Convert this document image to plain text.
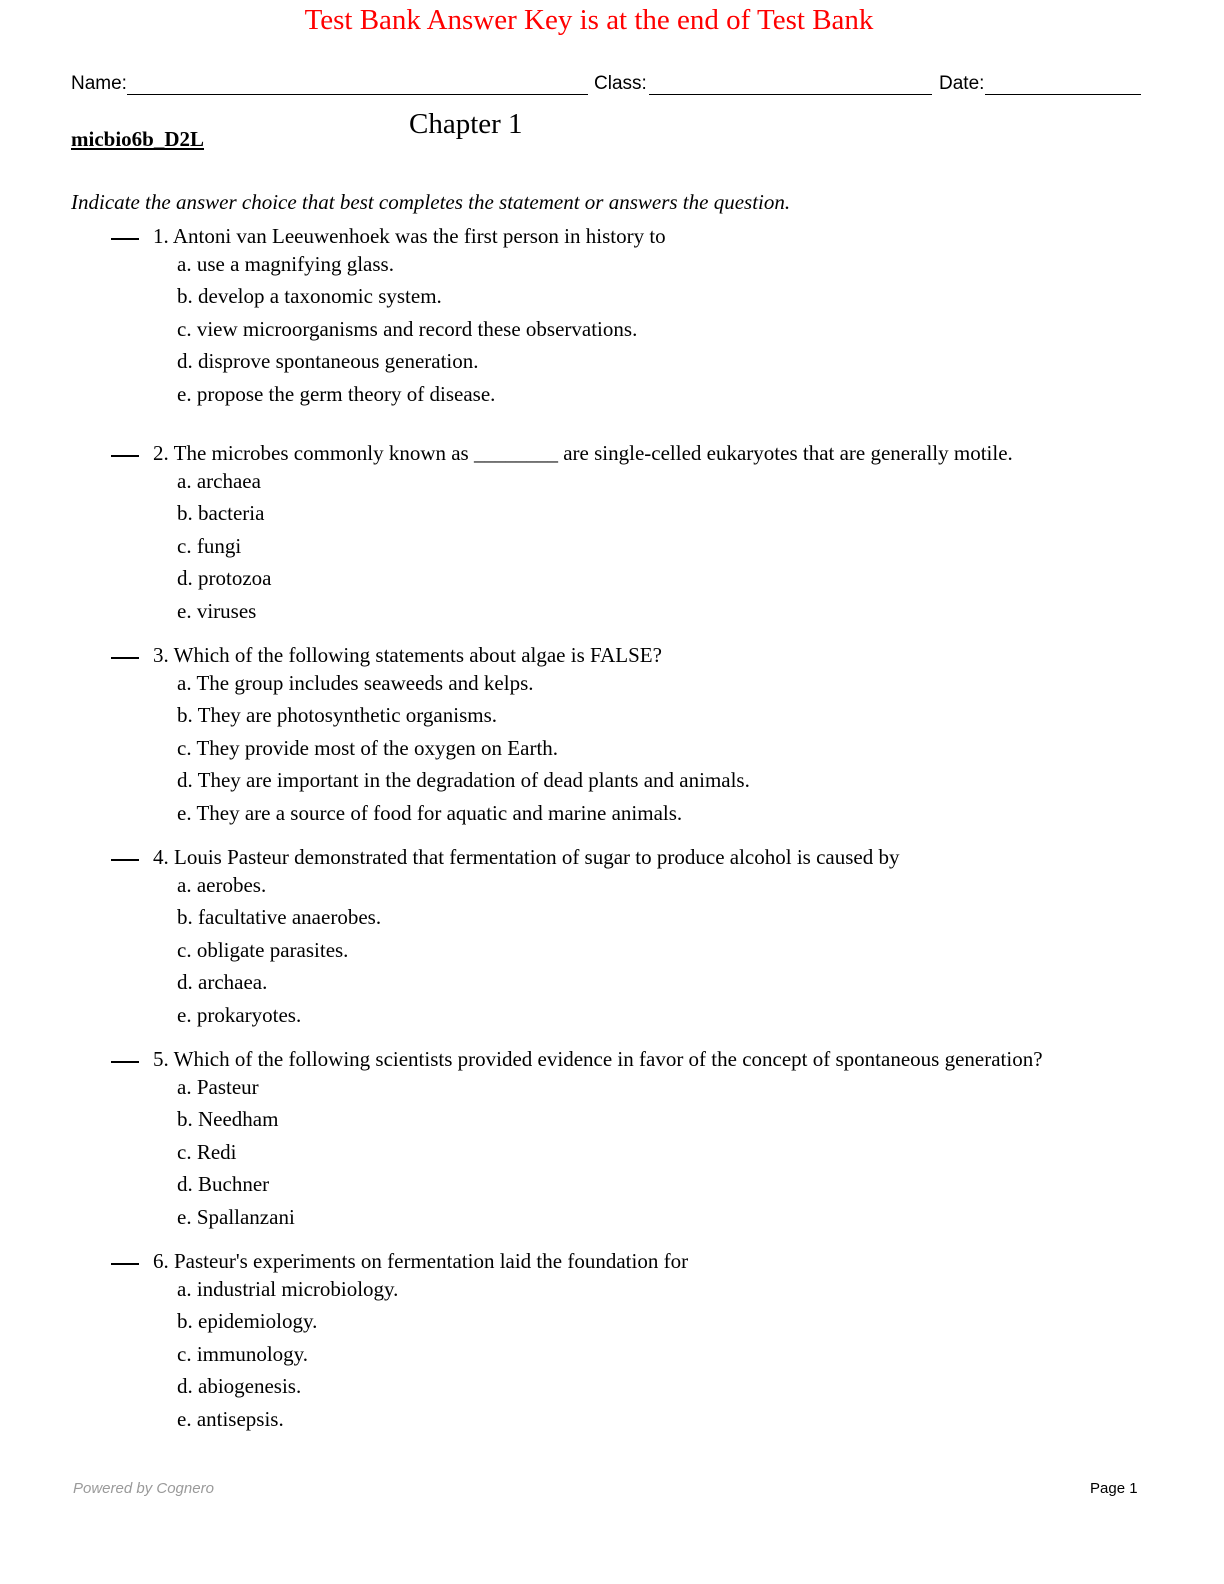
Test Bank Answer Key is at the end of Test Bank
Name:	Class:	Date:
Chapter 1
micbio6b_D2L
Indicate the answer choice that best completes the statement or answers the question.
1. Antoni van Leeuwenhoek was the first person in history to
a. use a magnifying glass.
b. develop a taxonomic system.
c. view microorganisms and record these observations.
d. disprove spontaneous generation.
e. propose the germ theory of disease.
2. The microbes commonly known as ________ are single-celled eukaryotes that are generally motile.
a. archaea
b. bacteria
c. fungi
d. protozoa
e. viruses
3. Which of the following statements about algae is FALSE?
a. The group includes seaweeds and kelps.
b. They are photosynthetic organisms.
c. They provide most of the oxygen on Earth.
d. They are important in the degradation of dead plants and animals.
e. They are a source of food for aquatic and marine animals.
4. Louis Pasteur demonstrated that fermentation of sugar to produce alcohol is caused by
a. aerobes.
b. facultative anaerobes.
c. obligate parasites.
d. archaea.
e. prokaryotes.
5. Which of the following scientists provided evidence in favor of the concept of spontaneous generation?
a. Pasteur
b. Needham
c. Redi
d. Buchner
e. Spallanzani
6. Pasteur's experiments on fermentation laid the foundation for
a. industrial microbiology.
b. epidemiology.
c. immunology.
d. abiogenesis.
e. antisepsis.
Powered by Cognero	Page 1
